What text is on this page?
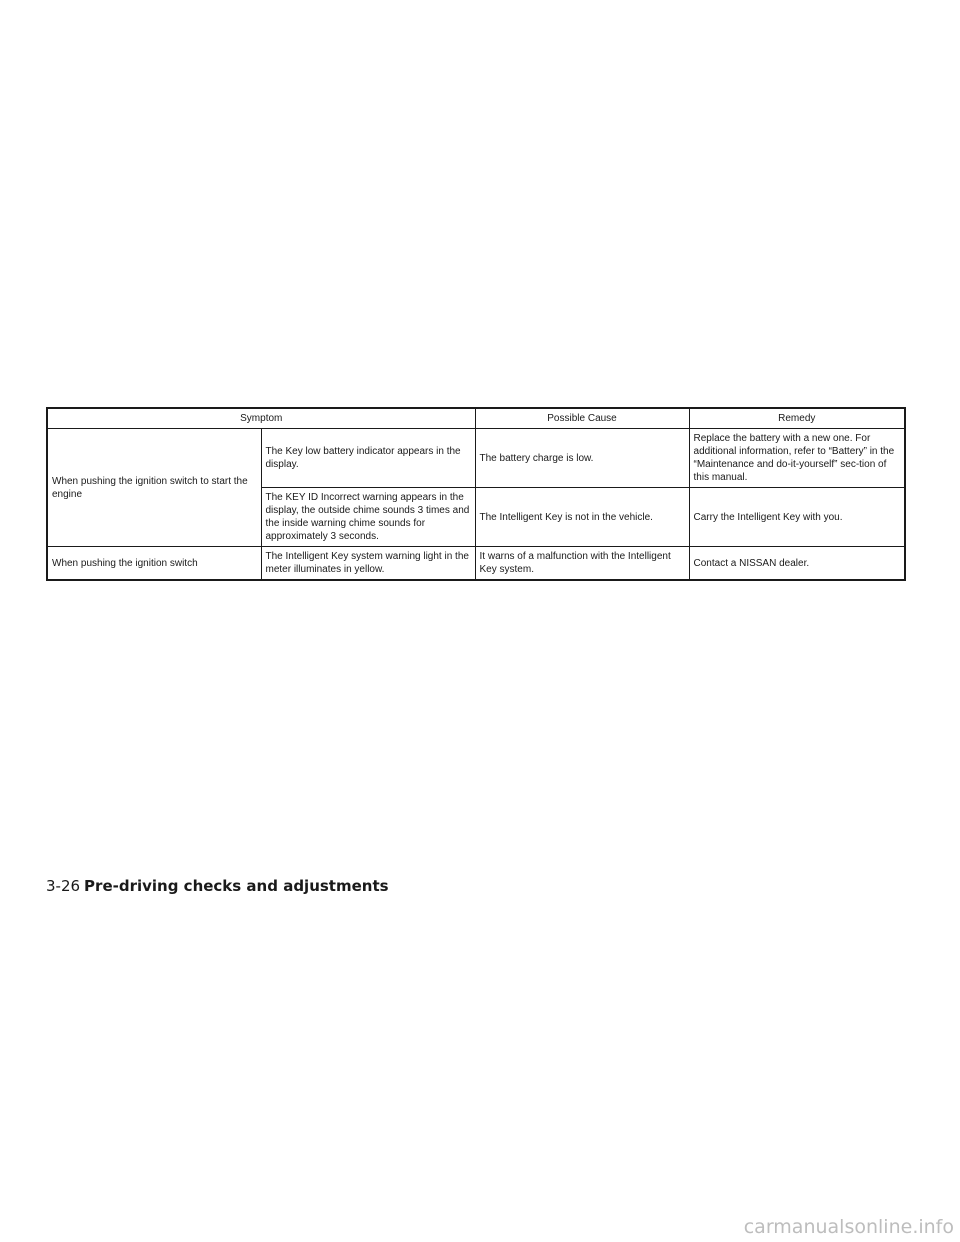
Symptom		Possible Cause	Remedy
When pushing the ignition switch to start the engine	The Key low battery indicator appears in the display.	The battery charge is low.	Replace the battery with a new one. For additional information, refer to “Battery” in the “Maintenance and do-it-yourself” sec-tion of this manual.
	The KEY ID Incorrect warning appears in the display, the outside chime sounds 3 times and the inside warning chime sounds for approximately 3 seconds.	The Intelligent Key is not in the vehicle.	Carry the Intelligent Key with you.
When pushing the ignition switch	The Intelligent Key system warning light in the meter illuminates in yellow.	It warns of a malfunction with the Intelligent Key system.	Contact a NISSAN dealer.
3-26 Pre-driving checks and adjustments
carmanualsonline.info
